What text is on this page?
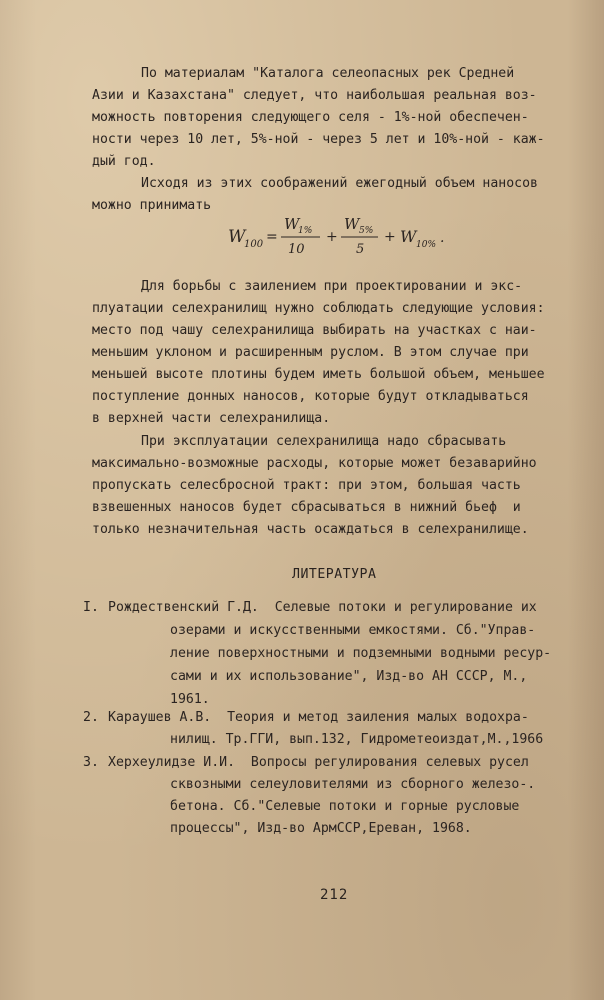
По материалам "Каталога селеопасных рек Средней
Азии и Казахстана" следует, что наибольшая реальная воз-
можность повторения следующего селя - 1%-ной обеспечен-
ности через 10 лет, 5%-ной - через 5 лет и 10%-ной - каж-
дый год.
Исходя из этих соображений ежегодный объем наносов
можно принимать
W
100 =
W
1%
10
+
W 5%
5
+ W 10% .
Для борьбы с заилением при проектировании и экс-
плуатации селехранилищ нужно соблюдать следующие условия:
место под чашу селехранилища выбирать на участках с наи-
меньшим уклоном и расширенным руслом. В этом случае при
меньшей высоте плотины будем иметь большой объем, меньшее
поступление донных наносов, которые будут откладываться
в верхней части селехранилища.
При эксплуатации селехранилища надо сбрасывать
максимально-возможные расходы, которые может безаварийно
пропускать селесбросной тракт: при этом, большая часть
взвешенных наносов будет сбрасываться в нижний бьеф  и
только незначительная часть осаждаться в селехранилище.
ЛИТЕРАТУРА
I. Рождественский Г.Д.  Селевые потоки и регулирование их
озерами и искусственными емкостями. Сб."Управ-
ление поверхностными и подземными водными ресур-
сами и их использование", Изд-во АН СССР, М.,
1961.
2. Караушев А.В.  Теория и метод заиления малых водохра-
нилищ. Тр.ГГИ, вып.132, Гидрометеоиздат,М.,1966
3. Херхеулидзе И.И.  Вопросы регулирования селевых русел
сквозными селеуловителями из сборного железо-.
бетона. Сб."Селевые потоки и горные русловые
процессы", Изд-во АрмССР,Ереван, 1968.
212
